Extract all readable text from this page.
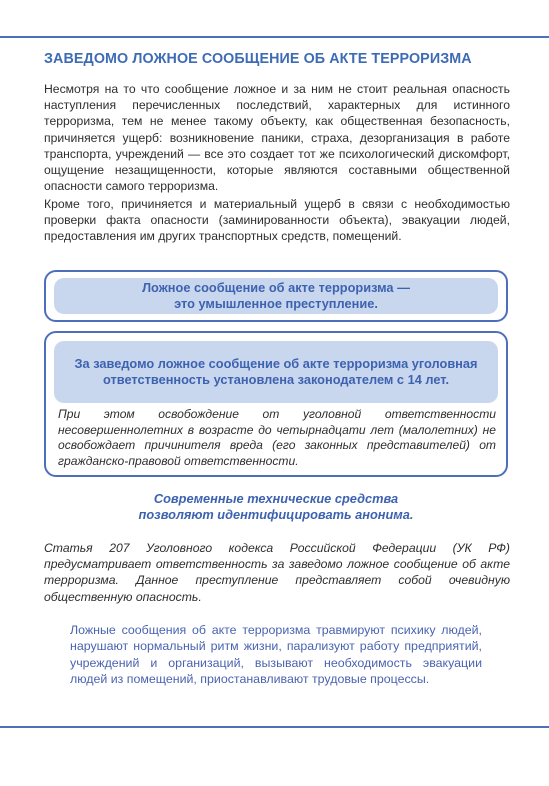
ЗАВЕДОМО ЛОЖНОЕ СООБЩЕНИЕ ОБ АКТЕ ТЕРРОРИЗМА
Несмотря на то что сообщение ложное и за ним не стоит реальная опасность наступления перечисленных последствий, характерных для истинного терроризма, тем не менее такому объекту, как общественная безопасность, причиняется ущерб: возникновение паники, страха, дезорганизация в работе транспорта, учреждений — все это создает тот же психологический дискомфорт, ощущение незащищенности, которые являются составными общественной опасности самого терроризма.
Кроме того, причиняется и материальный ущерб в связи с необходимостью проверки факта опасности (заминированности объекта), эвакуации людей, предоставления им других транспортных средств, помещений.
Ложное сообщение об акте терроризма —
это умышленное преступление.
За заведомо ложное сообщение об акте терроризма уголовная ответственность установлена законодателем с 14 лет.
При этом освобождение от уголовной ответственности несовершеннолетних в возрасте до четырнадцати лет (малолетних) не освобождает причинителя вреда (его законных представителей) от гражданско-правовой ответственности.
Современные технические средства
позволяют идентифицировать анонима.
Статья 207 Уголовного кодекса Российской Федерации (УК РФ) предусматривает ответственность за заведомо ложное сообщение об акте терроризма. Данное преступление представляет собой очевидную общественную опасность.
Ложные сообщения об акте терроризма травмируют психику людей, нарушают нормальный ритм жизни, парализуют работу предприятий, учреждений и организаций, вызывают необходимость эвакуации людей из помещений, приостанавливают трудовые процессы.
